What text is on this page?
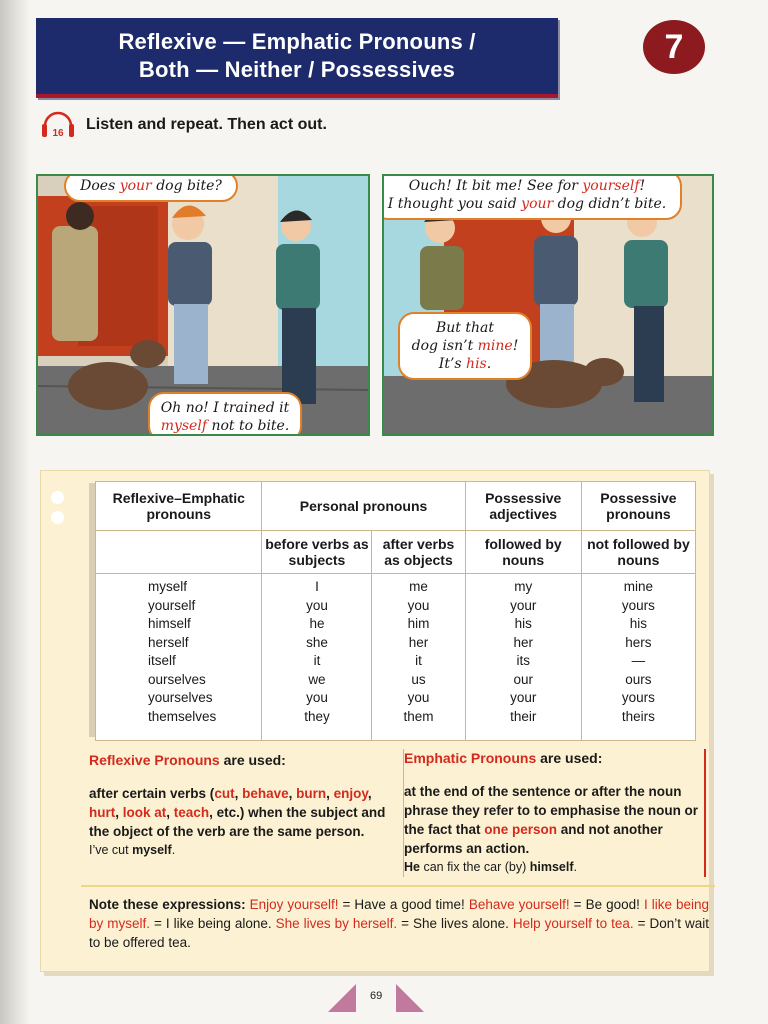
Reflexive — Emphatic Pronouns /
Both — Neither / Possessives
7
16
Listen and repeat. Then act out.
Does your dog bite?
Oh no! I trained it
myself not to bite.
Ouch! It bit me! See for yourself!
I thought you said your dog didn’t bite.
But that
dog isn’t mine!
It’s his.
Reflexive–Emphatic pronouns	Personal pronouns		Possessive adjectives	Possessive pronouns
	before verbs as subjects	after verbs as objects	followed by nouns	not followed by nouns
myself	I	me	my	mine
yourself	you	you	your	yours
himself	he	him	his	his
herself	she	her	her	hers
itself	it	it	its	—
ourselves	we	us	our	ours
yourselves	you	you	your	yours
themselves	they	them	their	theirs

Reflexive Pronouns are used:
after certain verbs (cut, behave, burn, enjoy, hurt, look at, teach, etc.) when the subject and the object of the verb are the same person.
I’ve cut myself.
Emphatic Pronouns are used:
at the end of the sentence or after the noun phrase they refer to to emphasise the noun or the fact that one person and not another performs an action.
He can fix the car (by) himself.
Note these expressions: Enjoy yourself! = Have a good time! Behave yourself! = Be good! I like being by myself. = I like being alone. She lives by herself. = She lives alone. Help yourself to tea. = Don’t wait to be offered tea.
69
